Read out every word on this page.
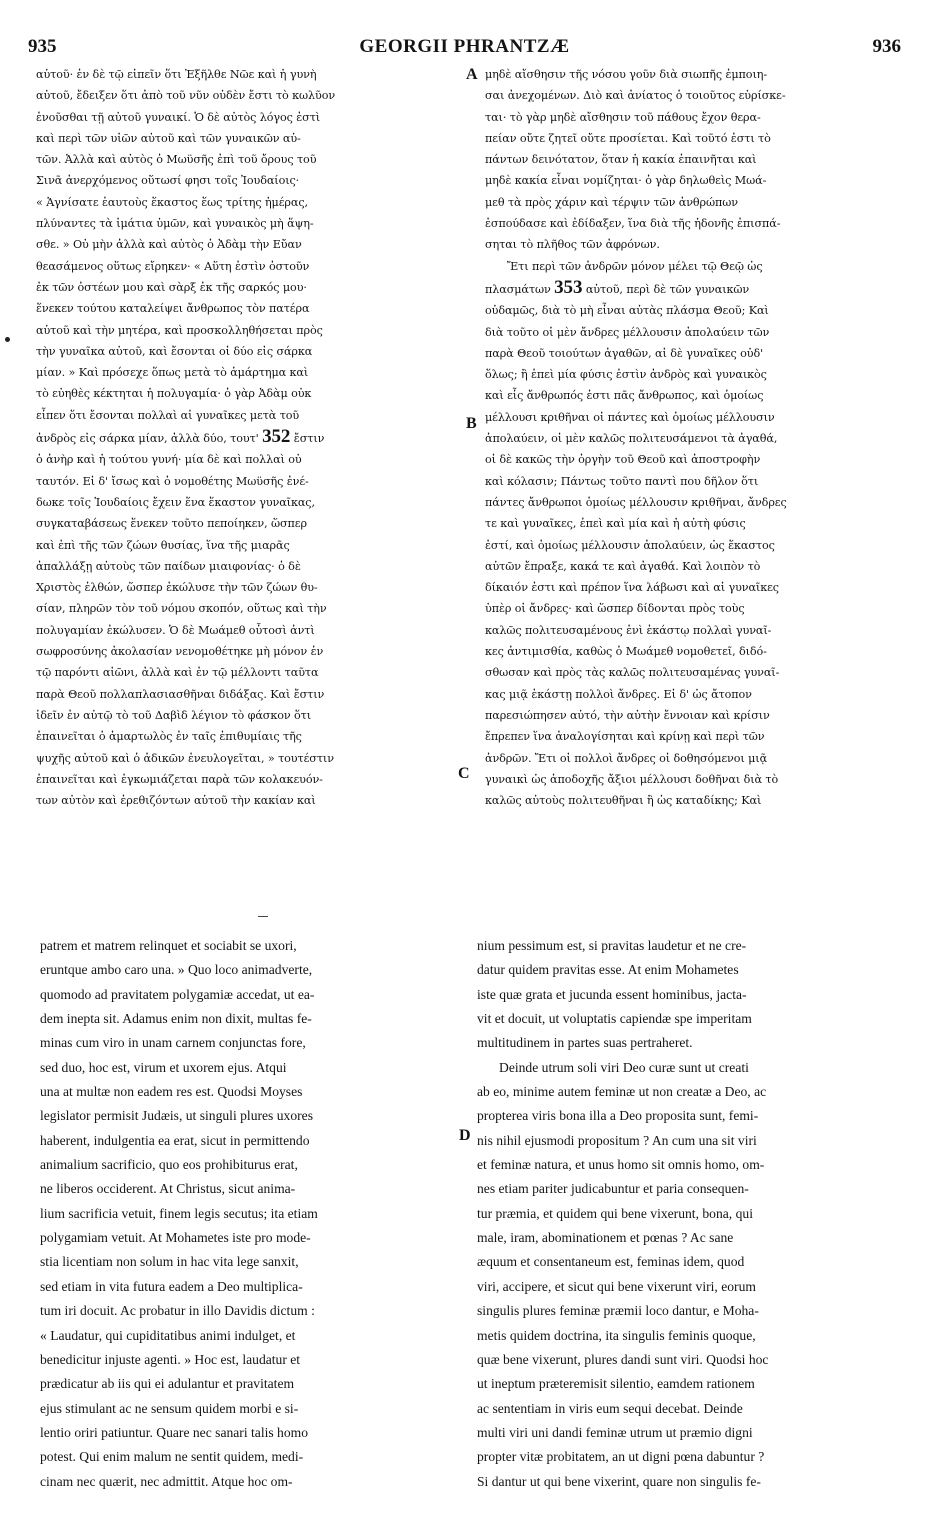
935	GEORGII PHRANTZÆ	936

αὐτοῦ· ἐν δὲ τῷ εἰπεῖν ὅτι Ἐξῆλθε Νῶε καὶ ἡ γυνὴ

αὐτοῦ, ἔδειξεν ὅτι ἀπὸ τοῦ νῦν οὐδὲν ἔστι τὸ κωλῦον

ἑνοῦσθαι τῇ αὐτοῦ γυναικί. Ὁ δὲ αὐτὸς λόγος ἐστὶ

καὶ περὶ τῶν υἱῶν αὐτοῦ καὶ τῶν γυναικῶν αὐ-

τῶν. Ἀλλὰ καὶ αὐτὸς ὁ Μωϋσῆς ἐπὶ τοῦ ὄρους τοῦ

Σινᾶ ἀνερχόμενος οὕτωσί φησι τοῖς Ἰουδαίοις·

« Ἁγνίσατε ἑαυτοὺς ἕκαστος ἕως τρίτης ἡμέρας,

πλύναντες τὰ ἱμάτια ὑμῶν, καὶ γυναικὸς μὴ ἅψη-

σθε. » Οὐ μὴν ἀλλὰ καὶ αὐτὸς ὁ Ἀδὰμ τὴν Εὔαν

θεασάμενος οὕτως εἴρηκεν· « Αὕτη ἐστὶν ὀστοῦν

ἐκ τῶν ὀστέων μου καὶ σὰρξ ἐκ τῆς σαρκός μου·

ἕνεκεν τούτου καταλείψει ἄνθρωπος τὸν πατέρα

αὐτοῦ καὶ τὴν μητέρα, καὶ προσκολληθήσεται πρὸς

τὴν γυναῖκα αὐτοῦ, καὶ ἔσονται οἱ δύο εἰς σάρκα

μίαν. » Καὶ πρόσεχε ὅπως μετὰ τὸ ἁμάρτημα καὶ

τὸ εὐηθὲς κέκτηται ἡ πολυγαμία· ὁ γὰρ Ἀδὰμ οὐκ

εἶπεν ὅτι ἔσονται πολλαὶ αἱ γυναῖκες μετὰ τοῦ

ἀνδρὸς εἰς σάρκα μίαν, ἀλλὰ δύο, τουτ' 352 ἔστιν

ὁ ἀνὴρ καὶ ἡ τούτου γυνή· μία δὲ καὶ πολλαὶ οὐ

ταυτόν. Εἰ δ' ἴσως καὶ ὁ νομοθέτης Μωϋσῆς ἐνέ-

δωκε τοῖς Ἰουδαίοις ἔχειν ἕνα ἕκαστον γυναῖκας,

συγκαταβάσεως ἕνεκεν τοῦτο πεποίηκεν, ὥσπερ

καὶ ἐπὶ τῆς τῶν ζώων θυσίας, ἵνα τῆς μιαρᾶς

ἀπαλλάξῃ αὐτοὺς τῶν παίδων μιαιφονίας· ὁ δὲ

Χριστὸς ἐλθών, ὥσπερ ἐκώλυσε τὴν τῶν ζώων θυ-

σίαν, πληρῶν τὸν τοῦ νόμου σκοπόν, οὕτως καὶ τὴν

πολυγαμίαν ἐκώλυσεν. Ὁ δὲ Μωάμεθ οὗτοσὶ ἀντὶ

σωφροσύνης ἀκολασίαν νενομοθέτηκε μὴ μόνον ἐν

τῷ παρόντι αἰῶνι, ἀλλὰ καὶ ἐν τῷ μέλλοντι ταῦτα

παρὰ Θεοῦ πολλαπλασιασθῆναι διδάξας. Καὶ ἔστιν

ἰδεῖν ἐν αὐτῷ τὸ τοῦ Δαβὶδ λέγιον τὸ φάσκον ὅτι

ἐπαινεῖται ὁ ἁμαρτωλὸς ἐν ταῖς ἐπιθυμίαις τῆς

ψυχῆς αὐτοῦ καὶ ὁ ἀδικῶν ἐνευλογεῖται, » τουτέστιν

ἐπαινεῖται καὶ ἐγκωμιάζεται παρὰ τῶν κολακευόν-

των αὐτὸν καὶ ἐρεθιζόντων αὐτοῦ τὴν κακίαν καὶ

μηδὲ αἴσθησιν τῆς νόσου γοῦν διὰ σιωπῆς ἐμποιη-

σαι ἀνεχομένων. Διὸ καὶ ἀνίατος ὁ τοιοῦτος εὑρίσκε-

ται· τὸ γὰρ μηδὲ αἴσθησιν τοῦ πάθους ἔχον θερα-

πείαν οὔτε ζητεῖ οὔτε προσίεται. Καὶ τοῦτό ἐστι τὸ

πάντων δεινότατον, ὅταν ἡ κακία ἐπαινῆται καὶ

μηδὲ κακία εἶναι νομίζηται· ὁ γὰρ δηλωθεὶς Μωά-

μεθ τὰ πρὸς χάριν καὶ τέρψιν τῶν ἀνθρώπων

ἐσπούδασε καὶ ἐδίδαξεν, ἵνα διὰ τῆς ἡδονῆς ἐπισπά-

σηται τὸ πλῆθος τῶν ἀφρόνων.

Ἔτι περὶ τῶν ἀνδρῶν μόνον μέλει τῷ Θεῷ ὡς

πλασμάτων 353 αὐτοῦ, περὶ δὲ τῶν γυναικῶν

οὐδαμῶς, διὰ τὸ μὴ εἶναι αὐτὰς πλάσμα Θεοῦ; Καὶ

διὰ τοῦτο οἱ μὲν ἄνδρες μέλλουσιν ἀπολαύειν τῶν

παρὰ Θεοῦ τοιούτων ἀγαθῶν, αἱ δὲ γυναῖκες οὐδ'

ὅλως; ἢ ἐπεὶ μία φύσις ἐστὶν ἀνδρὸς καὶ γυναικὸς

καὶ εἷς ἄνθρωπός ἐστι πᾶς ἄνθρωπος, καὶ ὁμοίως

μέλλουσι κριθῆναι οἱ πάντες καὶ ὁμοίως μέλλουσιν

ἀπολαύειν, οἱ μὲν καλῶς πολιτευσάμενοι τὰ ἀγαθά,

οἱ δὲ κακῶς τὴν ὀργὴν τοῦ Θεοῦ καὶ ἀποστροφὴν

καὶ κόλασιν; Πάντως τοῦτο παντὶ που δῆλον ὅτι

πάντες ἄνθρωποι ὁμοίως μέλλουσιν κριθῆναι, ἄνδρες

τε καὶ γυναῖκες, ἐπεὶ καὶ μία καὶ ἡ αὐτὴ φύσις

ἐστί, καὶ ὁμοίως μέλλουσιν ἀπολαύειν, ὡς ἕκαστος

αὐτῶν ἔπραξε, κακά τε καὶ ἀγαθά. Καὶ λοιπὸν τὸ

δίκαιόν ἐστι καὶ πρέπον ἵνα λάβωσι καὶ αἱ γυναῖκες

ὑπὲρ οἱ ἄνδρες· καὶ ὥσπερ δίδονται πρὸς τοὺς

καλῶς πολιτευσαμένους ἑνὶ ἑκάστῳ πολλαὶ γυναῖ-

κες ἀντιμισθία, καθὼς ὁ Μωάμεθ νομοθετεῖ, διδό-

σθωσαν καὶ πρὸς τὰς καλῶς πολιτευσαμένας γυναῖ-

κας μιᾷ ἑκάστῃ πολλοὶ ἄνδρες. Εἰ δ' ὡς ἄτοπον

παρεσιώπησεν αὐτό, τὴν αὐτὴν ἔννοιαν καὶ κρίσιν

ἔπρεπεν ἵνα ἀναλογίσηται καὶ κρίνῃ καὶ περὶ τῶν

ἀνδρῶν. Ἔτι οἱ πολλοὶ ἄνδρες οἱ δοθησόμενοι μιᾷ

γυναικὶ ὡς ἀποδοχῆς ἄξιοι μέλλουσι δοθῆναι διὰ τὸ

καλῶς αὐτοὺς πολιτευθῆναι ἢ ὡς καταδίκης; Καὶ

A
B
C
D

patrem et matrem relinquet et sociabit se uxori,

eruntque ambo caro una. » Quo loco animadverte,

quomodo ad pravitatem polygamiæ accedat, ut ea-

dem inepta sit. Adamus enim non dixit, multas fe-

minas cum viro in unam carnem conjunctas fore,

sed duo, hoc est, virum et uxorem ejus. Atqui

una at multæ non eadem res est. Quodsi Moyses

legislator permisit Judæis, ut singuli plures uxores

haberent, indulgentia ea erat, sicut in permittendo

animalium sacrificio, quo eos prohibiturus erat,

ne liberos occiderent. At Christus, sicut anima-

lium sacrificia vetuit, finem legis secutus; ita etiam

polygamiam vetuit. At Mohametes iste pro mode-

stia licentiam non solum in hac vita lege sanxit,

sed etiam in vita futura eadem a Deo multiplica-

tum iri docuit. Ac probatur in illo Davidis dictum :

« Laudatur, qui cupiditatibus animi indulget, et

benedicitur injuste agenti. » Hoc est, laudatur et

prædicatur ab iis qui ei adulantur et pravitatem

ejus stimulant ac ne sensum quidem morbi e si-

lentio oriri patiuntur. Quare nec sanari talis homo

potest. Qui enim malum ne sentit quidem, medi-

cinam nec quærit, nec admittit. Atque hoc om-

nium pessimum est, si pravitas laudetur et ne cre-

datur quidem pravitas esse. At enim Mohametes

iste quæ grata et jucunda essent hominibus, jacta-

vit et docuit, ut voluptatis capiendæ spe imperitam

multitudinem in partes suas pertraheret.

Deinde utrum soli viri Deo curæ sunt ut creati

ab eo, minime autem feminæ ut non creatæ a Deo, ac

propterea viris bona illa a Deo proposita sunt, femi-

nis nihil ejusmodi propositum ? An cum una sit viri

et feminæ natura, et unus homo sit omnis homo, om-

nes etiam pariter judicabuntur et paria consequen-

tur præmia, et quidem qui bene vixerunt, bona, qui

male, iram, abominationem et pœnas ? Ac sane

æquum et consentaneum est, feminas idem, quod

viri, accipere, et sicut qui bene vixerunt viri, eorum

singulis plures feminæ præmii loco dantur, e Moha-

metis quidem doctrina, ita singulis feminis quoque,

quæ bene vixerunt, plures dandi sunt viri. Quodsi hoc

ut ineptum præteremisit silentio, eamdem rationem

ac sententiam in viris eum sequi decebat. Deinde

multi viri uni dandi feminæ utrum ut præmio digni

propter vitæ probitatem, an ut digni pœna dabuntur ?

Si dantur ut qui bene vixerint, quare non singulis fe-
